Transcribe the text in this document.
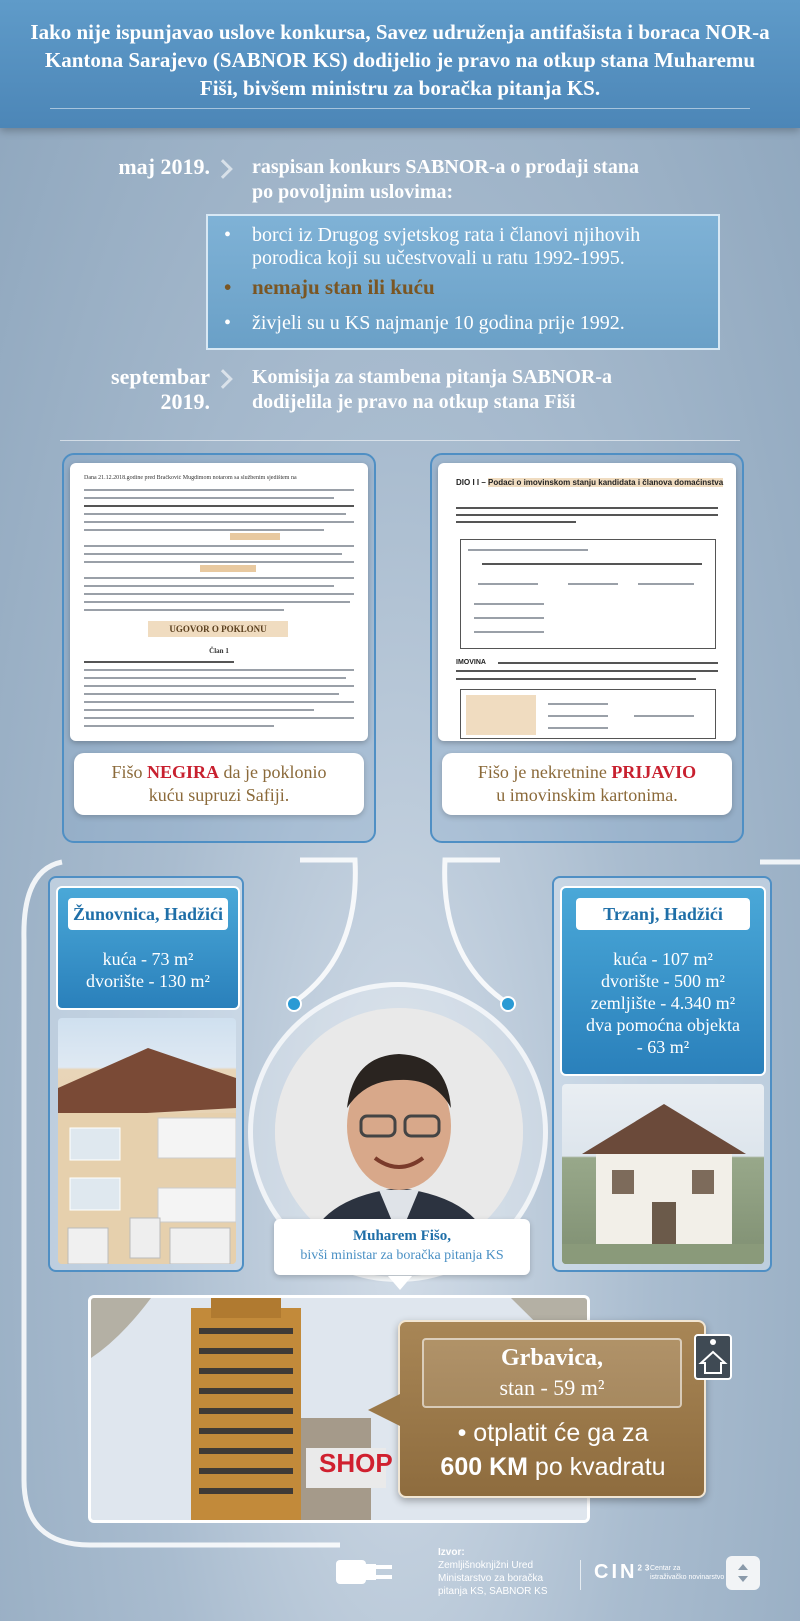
Iako nije ispunjavao uslove konkursa, Savez udruženja antifašista i boraca NOR-a Kantona Sarajevo (SABNOR KS) dodijelio je pravo na otkup stana Muharemu Fiši, bivšem ministru za boračka pitanja KS.

maj 2019. raspisan konkurs SABNOR-a o prodaji stana
po povoljnim uslovima:
• borci iz Drugog svjetskog rata i članovi njihovih
porodica koji su učestvovali u ratu 1992-1995.
• nemaju stan ili kuću
• živjeli su u KS najmanje 10 godina prije 1992.
septembar
2019.
Komisija za stambena pitanja SABNOR-a
dodijelila je pravo na otkup stana Fiši
Dana 21.12.2018.godine pred Bračković Mugdimom notarom sa službenim sjedištem na
UGOVOR O POKLONU
Član 1
Fišo NEGIRA da je poklonio
kuću supruzi Safiji.
DIO I I – Podaci o imovinskom stanju kandidata i članova domaćinstva
IMOVINA
Fišo je nekretnine PRIJAVIO
u imovinskim kartonima.
Žunovnica, Hadžići
kuća - 73 m²
dvorište - 130 m²
Trzanj, Hadžići
kuća - 107 m²
dvorište - 500 m²
zemljište - 4.340 m²
dva pomoćna objekta
- 63 m²
Muharem Fišo,
bivši ministar za boračka pitanja KS
SHOP
Grbavica,
stan - 59 m²
• otplatit će ga za
600 KM po kvadratu
Izvor:
Zemljišnoknjižni Ured
Ministarstvo za boračka
pitanja KS, SABNOR KS
CIN$^{23}$
Centar za
istraživačko novinarstvo
